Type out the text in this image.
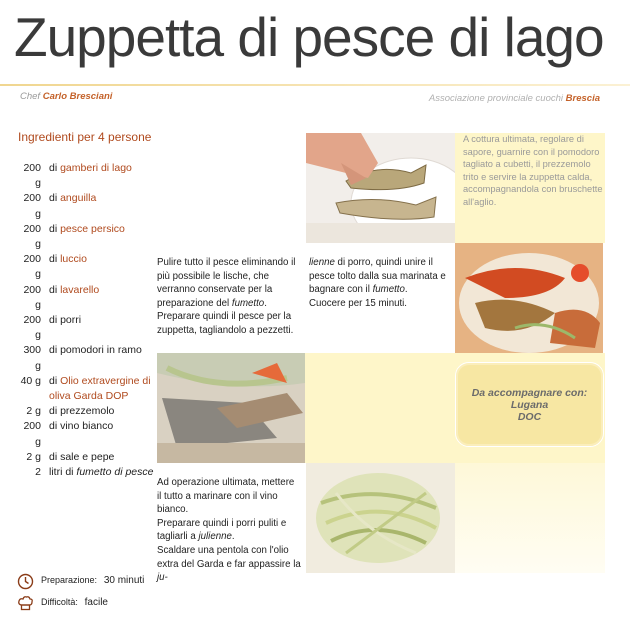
Zuppetta di pesce di lago
Chef Carlo Bresciani	Associazione provinciale cuochi Brescia
Ingredienti per 4 persone
200 g
di gamberi di lago
200 g
di anguilla
200 g
di pesce persico
200 g
di luccio
200 g
di lavarello
200 g
di porri
300 g
di pomodori in ramo
40 g di Olio extravergine di oliva Garda DOP
2 g di prezzemolo
200 g
di vino bianco
2 g di sale e pepe
2 litri di fumetto di pesce
Pulire tutto il pesce eliminando il più possibile le lische, che verranno conservate per la preparazione del fumetto.
Preparare quindi il pesce per la zuppetta, tagliandolo a pezzetti.
lienne di porro, quindi unire il pesce tolto dalla sua marinata e bagnare con il fumetto.
Cuocere per 15 minuti.
A cottura ultimata, regolare di sapore, guarnire con il pomodoro tagliato a cubetti, il prezzemolo trito e servire la zuppetta calda, accompagnandola con bruschette all'aglio.
Ad operazione ultimata, mettere il tutto a marinare con il vino bianco.
Preparare quindi i porri puliti e tagliarli a julienne.
Scaldare una pentola con l'olio extra del Garda e far appassire la ju-
Da accompagnare con:
Lugana
DOC
Preparazione: 30 minuti
Difficoltà: facile
